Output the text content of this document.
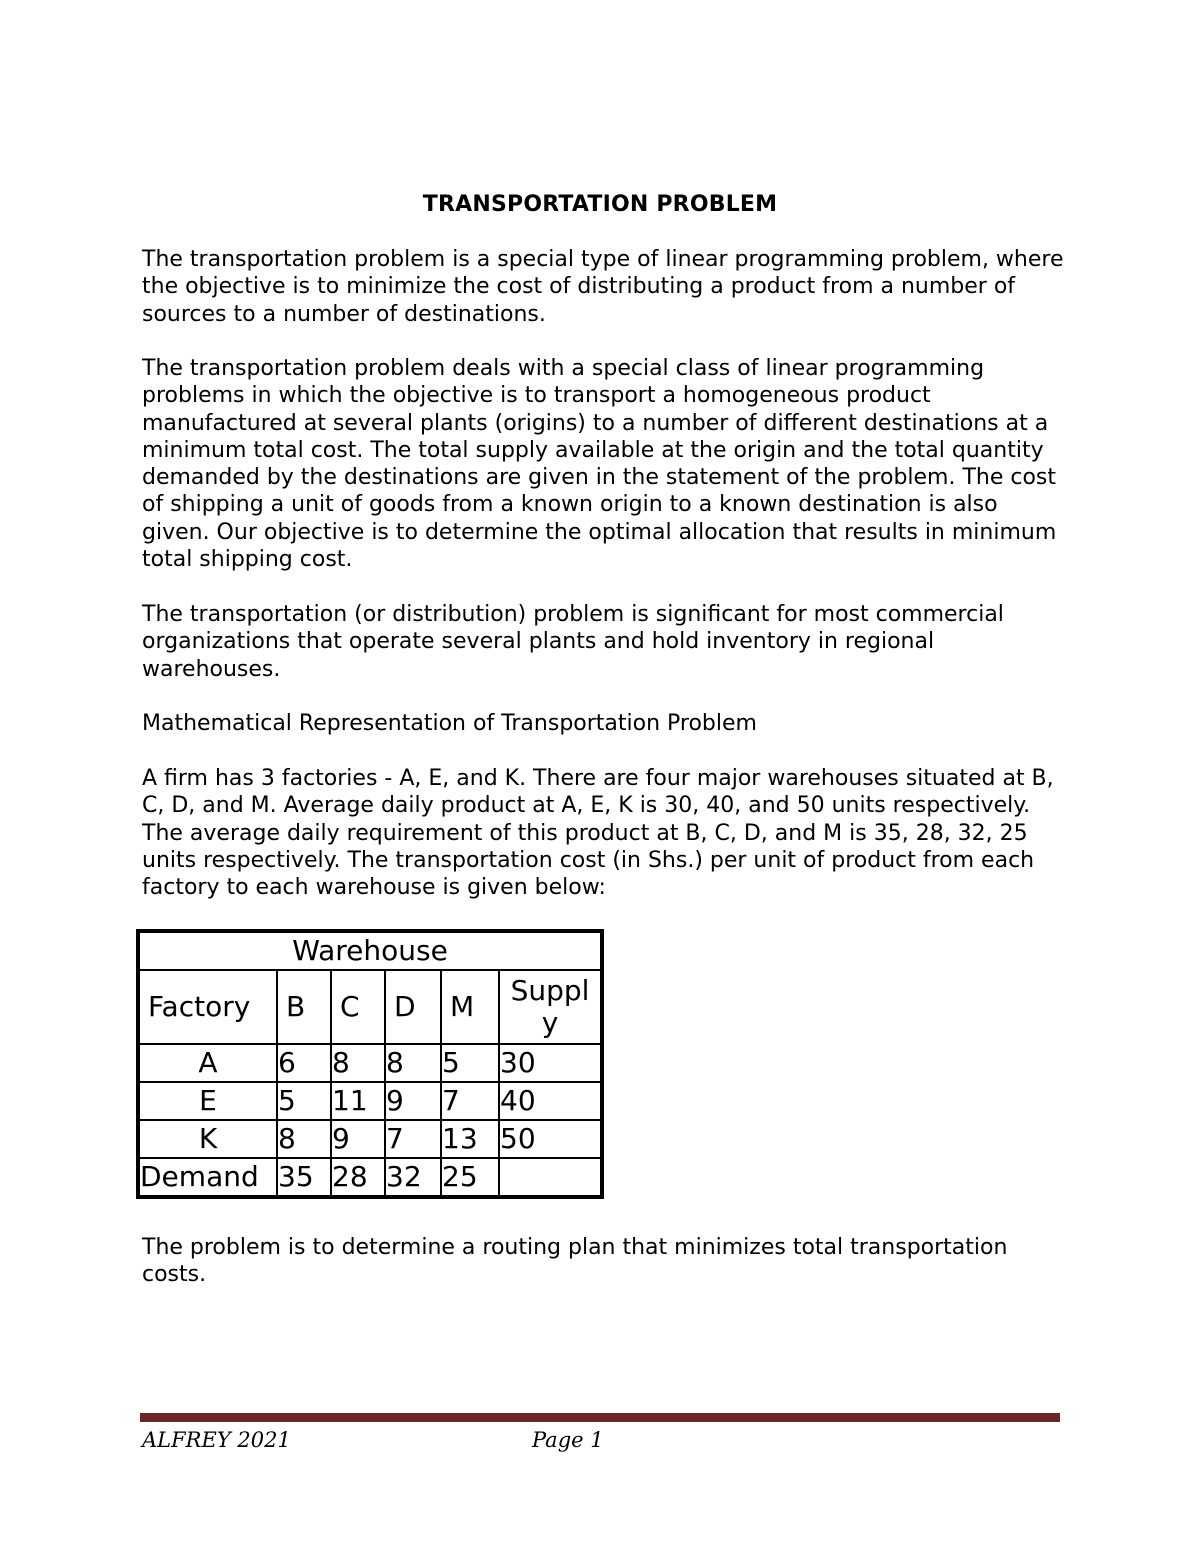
TRANSPORTATION PROBLEM

The transportation problem is a special type of linear programming problem, where the objective is to minimize the cost of distributing a product from a number of sources to a number of destinations.

The transportation problem deals with a special class of linear programming problems in which the objective is to transport a homogeneous product manufactured at several plants (origins) to a number of different destinations at a minimum total cost. The total supply available at the origin and the total quantity demanded by the destinations are given in the statement of the problem. The cost of shipping a unit of goods from a known origin to a known destination is also given. Our objective is to determine the optimal allocation that results in minimum total shipping cost.

The transportation (or distribution) problem is significant for most commercial organizations that operate several plants and hold inventory in regional warehouses.

Mathematical Representation of Transportation Problem

A firm has 3 factories - A, E, and K. There are four major warehouses situated at B, C, D, and M. Average daily product at A, E, K is 30, 40, and 50 units respectively. The average daily requirement of this product at B, C, D, and M is 35, 28, 32, 25 units respectively. The transportation cost (in Shs.) per unit of product from each factory to each warehouse is given below:

Warehouse					
Factory	B	C	D	M	Suppl y
A	6	8	8	5	30
E	5	11	9	7	40
K	8	9	7	13	50
Demand	35	28	32	25	

The problem is to determine a routing plan that minimizes total transportation costs.

ALFREY 2021	Page 1
